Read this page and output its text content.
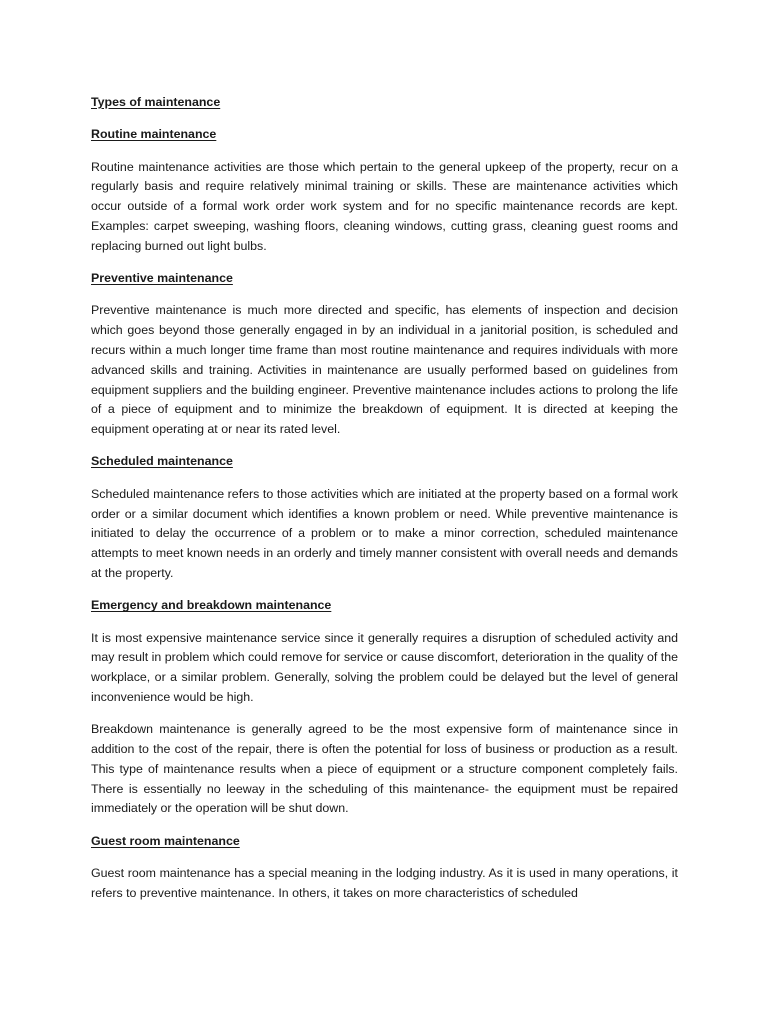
Types of maintenance
Routine maintenance

Routine maintenance activities are those which pertain to the general upkeep of the property, recur on a regularly basis and require relatively minimal training or skills. These are maintenance activities which occur outside of a formal work order work system and for no specific maintenance records are kept. Examples: carpet sweeping, washing floors, cleaning windows, cutting grass, cleaning guest rooms and replacing burned out light bulbs.

Preventive maintenance

Preventive maintenance is much more directed and specific, has elements of inspection and decision which goes beyond those generally engaged in by an individual in a janitorial position, is scheduled and recurs within a much longer time frame than most routine maintenance and requires individuals with more advanced skills and training. Activities in maintenance are usually performed based on guidelines from equipment suppliers and the building engineer. Preventive maintenance includes actions to prolong the life of a piece of equipment and to minimize the breakdown of equipment. It is directed at keeping the equipment operating at or near its rated level.

Scheduled maintenance

Scheduled maintenance refers to those activities which are initiated at the property based on a formal work order or a similar document which identifies a known problem or need. While preventive maintenance is initiated to delay the occurrence of a problem or to make a minor correction, scheduled maintenance attempts to meet known needs in an orderly and timely manner consistent with overall needs and demands at the property.

Emergency and breakdown maintenance

It is most expensive maintenance service since it generally requires a disruption of scheduled activity and may result in problem which could remove for service or cause discomfort, deterioration in the quality of the workplace, or a similar problem. Generally, solving the problem could be delayed but the level of general inconvenience would be high.

Breakdown maintenance is generally agreed to be the most expensive form of maintenance since in addition to the cost of the repair, there is often the potential for loss of business or production as a result. This type of maintenance results when a piece of equipment or a structure component completely fails. There is essentially no leeway in the scheduling of this maintenance- the equipment must be repaired immediately or the operation will be shut down.

Guest room maintenance

Guest room maintenance has a special meaning in the lodging industry. As it is used in many operations, it refers to preventive maintenance. In others, it takes on more characteristics of scheduled
